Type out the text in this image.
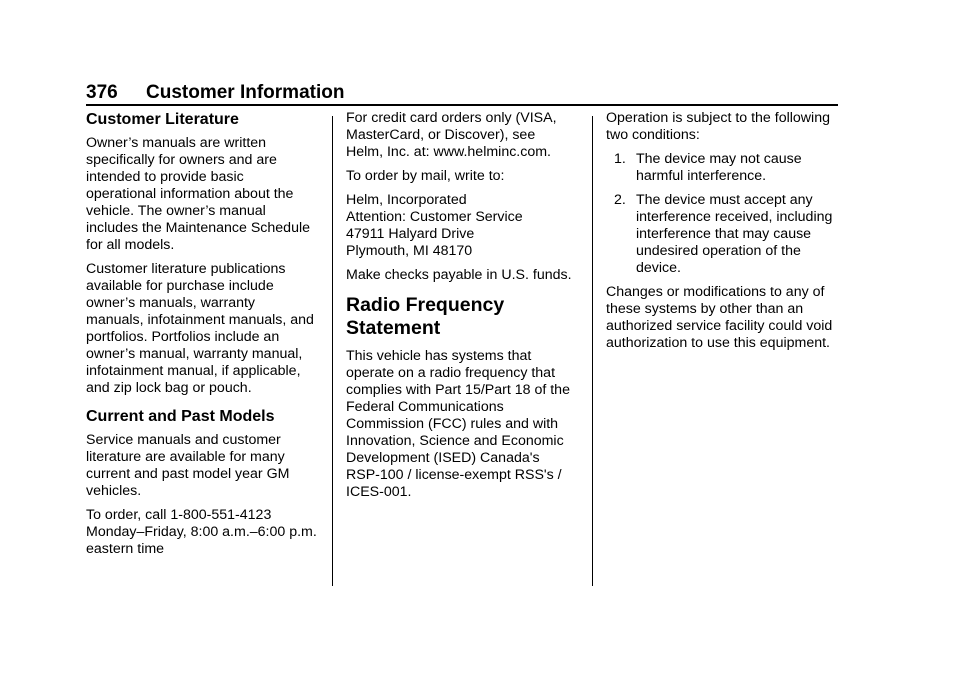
376 Customer Information
Customer Literature

Owner’s manuals are written
specifically for owners and are
intended to provide basic
operational information about the
vehicle. The owner’s manual
includes the Maintenance Schedule
for all models.

Customer literature publications
available for purchase include
owner’s manuals, warranty
manuals, infotainment manuals, and
portfolios. Portfolios include an
owner’s manual, warranty manual,
infotainment manual, if applicable,
and zip lock bag or pouch.

Current and Past Models

Service manuals and customer
literature are available for many
current and past model year GM
vehicles.

To order, call 1-800-551-4123
Monday–Friday, 8:00 a.m.–6:00 p.m.
eastern time

For credit card orders only (VISA,
MasterCard, or Discover), see
Helm, Inc. at: www.helminc.com.

To order by mail, write to:

Helm, Incorporated
Attention: Customer Service
47911 Halyard Drive
Plymouth, MI 48170

Make checks payable in U.S. funds.

Radio Frequency
Statement

This vehicle has systems that
operate on a radio frequency that
complies with Part 15/Part 18 of the
Federal Communications
Commission (FCC) rules and with
Innovation, Science and Economic
Development (ISED) Canada's
RSP-100 / license-exempt RSS's /
ICES-001.

Operation is subject to the following
two conditions:

1. The device may not cause
harmful interference.
2. The device must accept any
interference received, including
interference that may cause
undesired operation of the
device.

Changes or modifications to any of
these systems by other than an
authorized service facility could void
authorization to use this equipment.
